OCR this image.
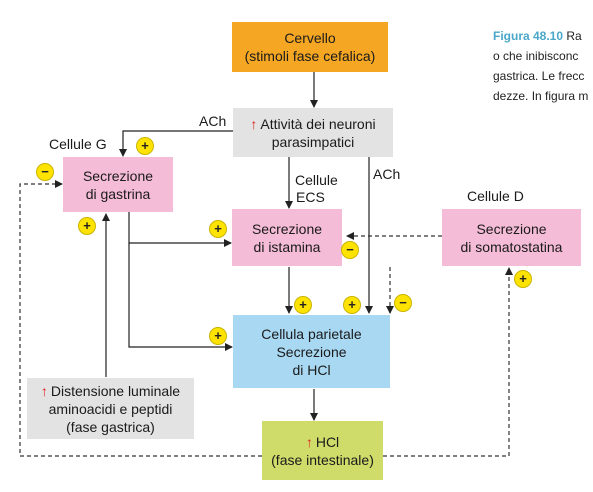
Figura 48.10 Ra
o che inibisconc
gastrica. Le frecc
dezze. In figura m
Cervello
(stimoli fase cefalica)
↑ Attività dei neuroni
parasimpatici
Secrezione
di gastrina
Secrezione
di istamina
Secrezione
di somatostatina
Cellula parietale
Secrezione
di HCl
↑ Distensione luminale
aminoacidi e peptidi
(fase gastrica)
↑ HCl
(fase intestinale)
ACh
ACh
Cellule G
Cellule
ECS	Cellule D
+
−
+	+
−
+	+	−
+
+
